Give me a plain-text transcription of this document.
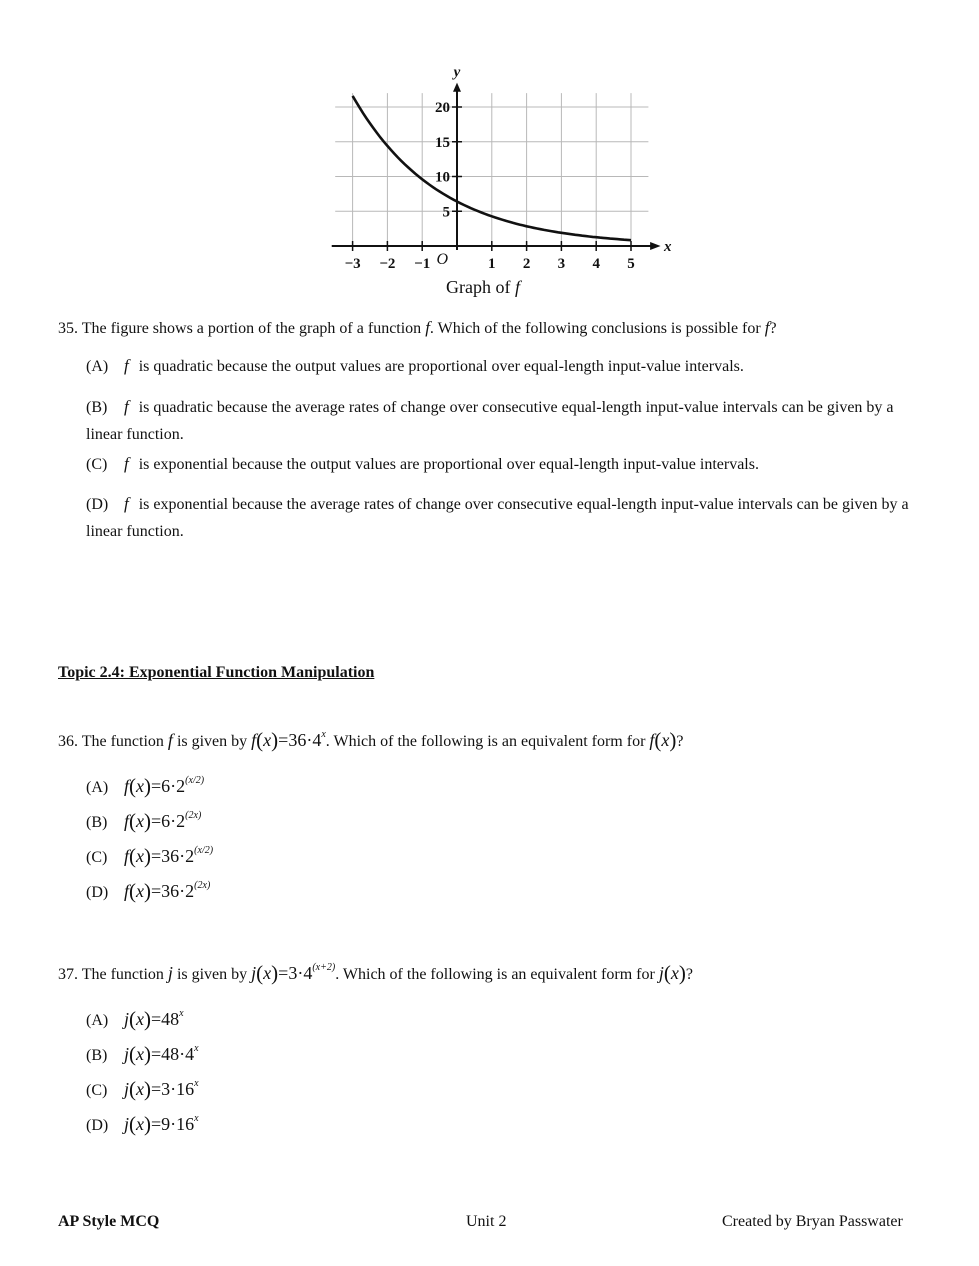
−3 −2 −1	1 2 3 4 5
5
10
15
20
O
x
y
Graph of f
35. The figure shows a portion of the graph of a function f. Which of the following conclusions is possible for f?
(A) f is quadratic because the output values are proportional over equal-length input-value intervals.
(B) f is quadratic because the average rates of change over consecutive equal-length input-value intervals can be given by a linear function.
(C) f is exponential because the output values are proportional over equal-length input-value intervals.
(D) f is exponential because the average rates of change over consecutive equal-length input-value intervals can be given by a linear function.
Topic 2.4: Exponential Function Manipulation
36. The function f is given by $f(x)=36\cdot 4^x$. Which of the following is an equivalent form for f(x)?
(A) $f(x)=6\cdot 2^{(x/2)}$
(B) $f(x)=6\cdot 2^{(2x)}$
(C) $f(x)=36\cdot 2^{(x/2)}$
(D) $f(x)=36\cdot 2^{(2x)}$
37. The function j is given by $j(x)=3\cdot 4^{(x+2)}$. Which of the following is an equivalent form for j(x)?
(A) $j(x)=48^x$
(B) $j(x)=48\cdot 4^x$
(C) $j(x)=3\cdot 16^x$
(D) $j(x)=9\cdot 16^x$
AP Style MCQ	Unit 2	Created by Bryan Passwater
